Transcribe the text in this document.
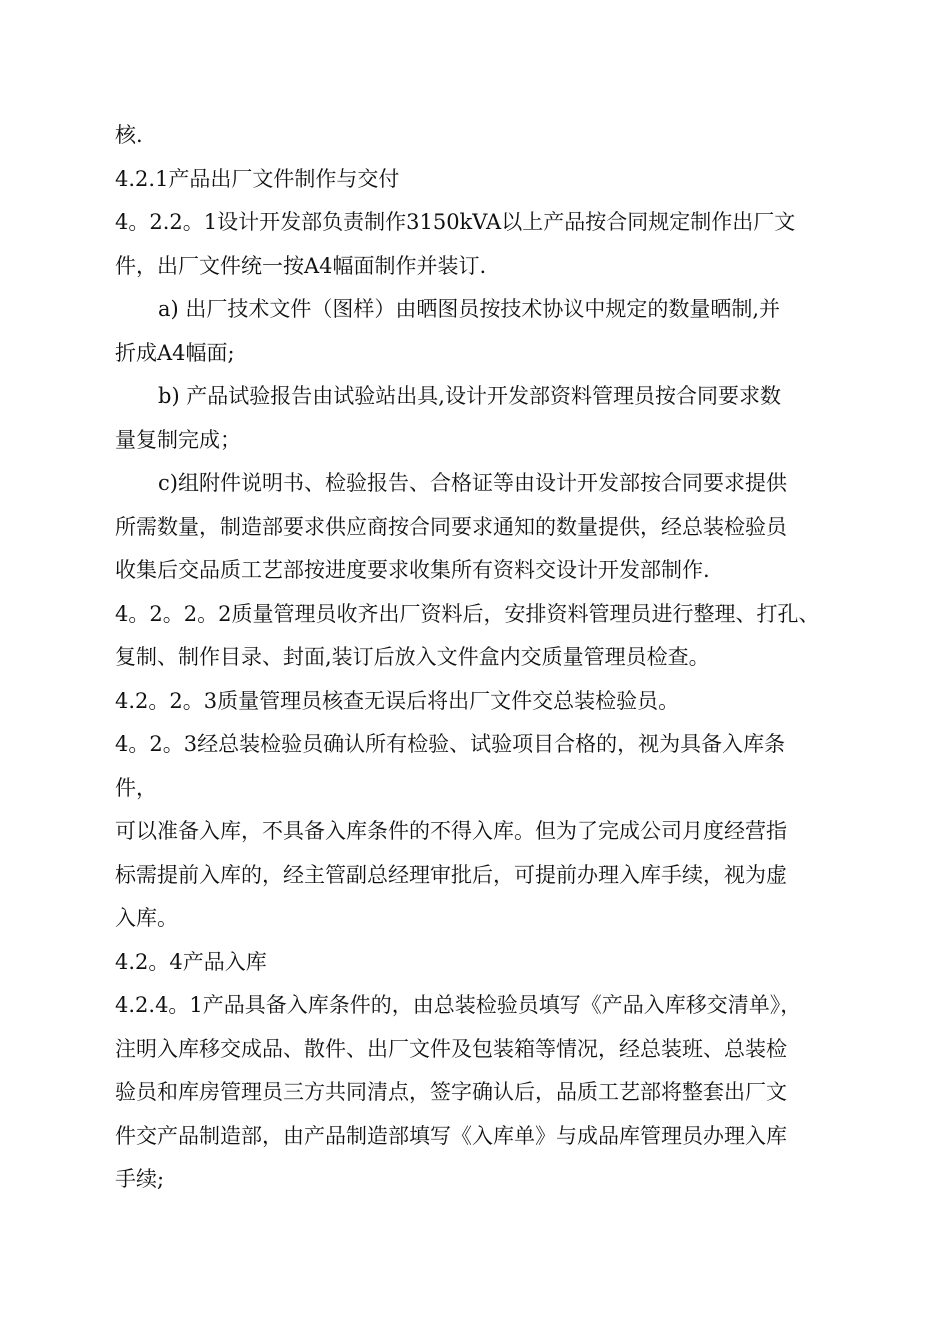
核.
4.2.1产品出厂文件制作与交付
4。2.2。1设计开发部负责制作3150kVA以上产品按合同规定制作出厂文
件，出厂文件统一按A4幅面制作并装订.
a) 出厂技术文件（图样）由晒图员按技术协议中规定的数量晒制,并
折成A4幅面;
b) 产品试验报告由试验站出具,设计开发部资料管理员按合同要求数
量复制完成；
c)组附件说明书、检验报告、合格证等由设计开发部按合同要求提供
所需数量，制造部要求供应商按合同要求通知的数量提供，经总装检验员
收集后交品质工艺部按进度要求收集所有资料交设计开发部制作.
4。2。2。2质量管理员收齐出厂资料后，安排资料管理员进行整理、打孔、
复制、制作目录、封面,装订后放入文件盒内交质量管理员检查。
4.2。2。3质量管理员核查无误后将出厂文件交总装检验员。
4。2。3经总装检验员确认所有检验、试验项目合格的，视为具备入库条
件，
可以准备入库，不具备入库条件的不得入库。但为了完成公司月度经营指
标需提前入库的，经主管副总经理审批后，可提前办理入库手续，视为虚
入库。
4.2。4产品入库
4.2.4。1产品具备入库条件的，由总装检验员填写《产品入库移交清单》，
注明入库移交成品、散件、出厂文件及包装箱等情况，经总装班、总装检
验员和库房管理员三方共同清点，签字确认后，品质工艺部将整套出厂文
件交产品制造部，由产品制造部填写《入库单》与成品库管理员办理入库
手续;
